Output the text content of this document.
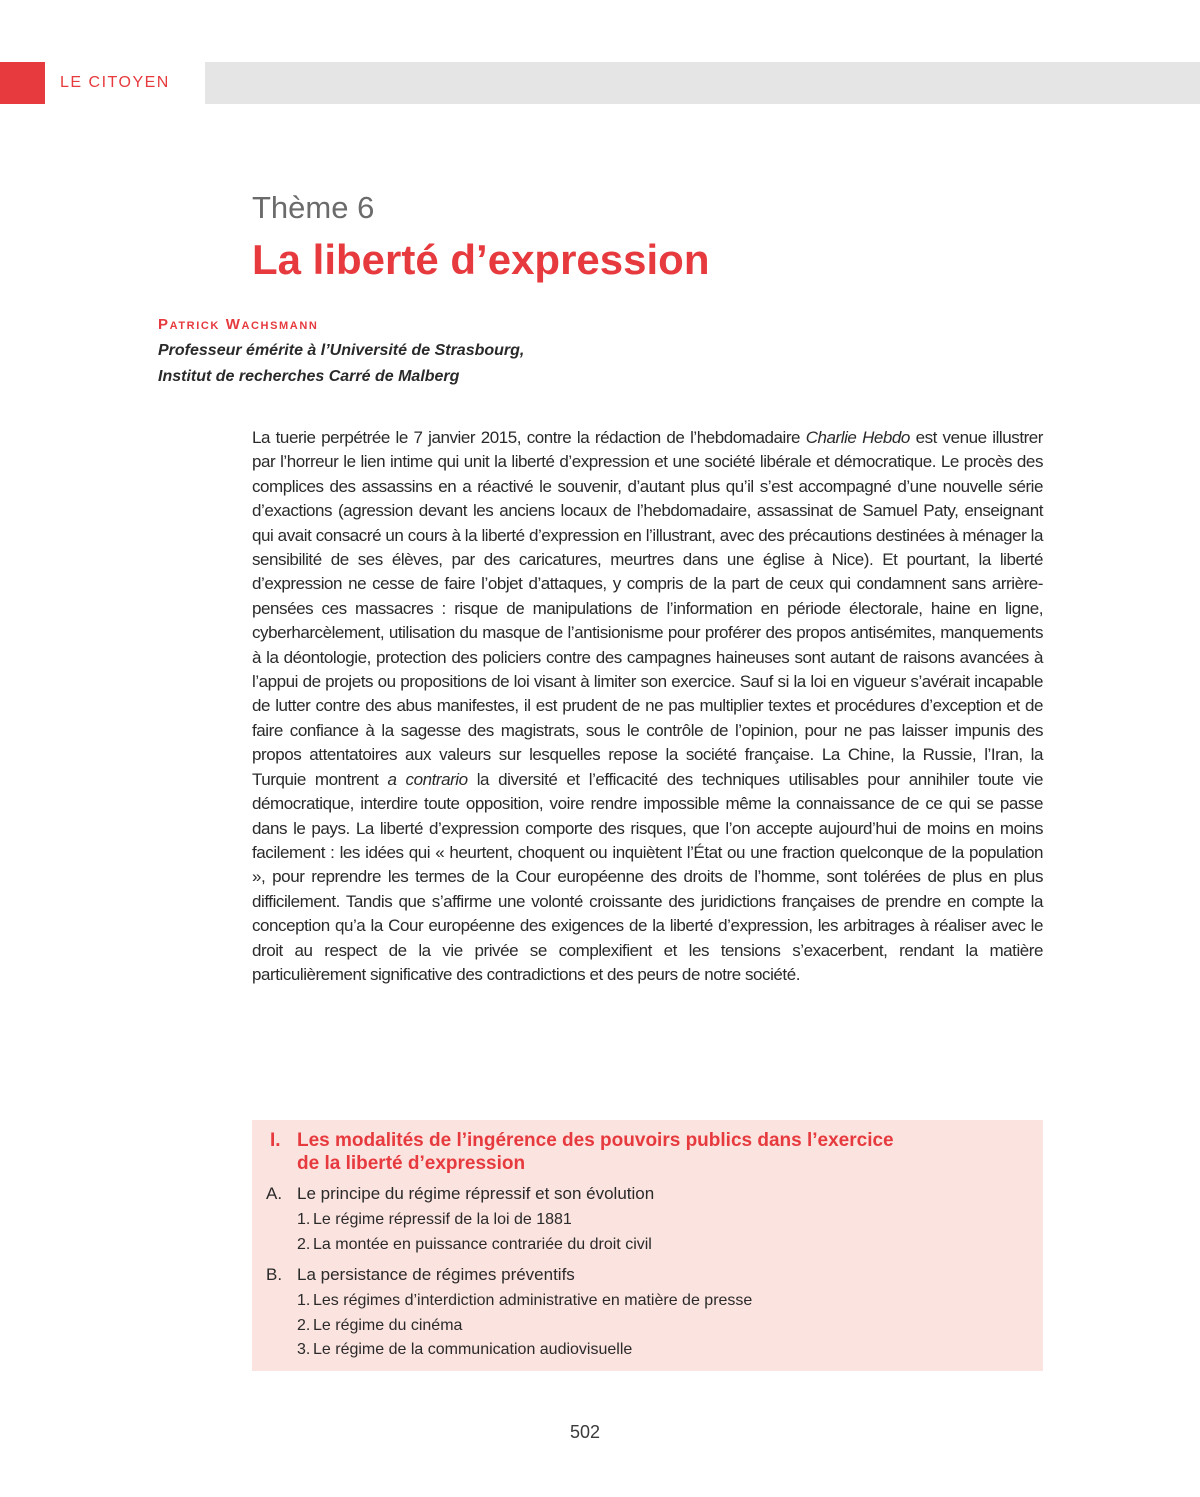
LE CITOYEN
Thème 6
La liberté d’expression
Patrick Wachsmann
Professeur émérite à l’Université de Strasbourg,
Institut de recherches Carré de Malberg

La tuerie perpétrée le 7 janvier 2015, contre la rédaction de l’hebdomadaire Charlie Hebdo est venue illustrer par l’horreur le lien intime qui unit la liberté d’expression et une société libérale et démocratique. Le procès des complices des assassins en a réactivé le souvenir, d’autant plus qu’il s’est accompagné d’une nouvelle série d’exactions (agression devant les anciens locaux de l’hebdomadaire, assassinat de Samuel Paty, enseignant qui avait consacré un cours à la liberté d’expression en l’illustrant, avec des précautions destinées à ménager la sensibilité de ses élèves, par des caricatures, meurtres dans une église à Nice). Et pourtant, la liberté d’expression ne cesse de faire l’objet d’attaques, y compris de la part de ceux qui condamnent sans arrière-pensées ces massacres : risque de manipulations de l’information en période électorale, haine en ligne, cyberharcèlement, utilisation du masque de l’antisionisme pour proférer des propos antisémites, manquements à la déontologie, protection des policiers contre des campagnes haineuses sont autant de raisons avancées à l’appui de projets ou propositions de loi visant à limiter son exercice. Sauf si la loi en vigueur s’avérait incapable de lutter contre des abus manifestes, il est prudent de ne pas multiplier textes et procédures d’exception et de faire confiance à la sagesse des magistrats, sous le contrôle de l’opinion, pour ne pas laisser impunis des propos attentatoires aux valeurs sur lesquelles repose la société française. La Chine, la Russie, l’Iran, la Turquie montrent a contrario la diversité et l’efficacité des techniques utilisables pour annihiler toute vie démocratique, interdire toute opposition, voire rendre impossible même la connaissance de ce qui se passe dans le pays. La liberté d’expression comporte des risques, que l’on accepte aujourd’hui de moins en moins facilement : les idées qui « heurtent, choquent ou inquiètent l’État ou une fraction quelconque de la population », pour reprendre les termes de la Cour européenne des droits de l’homme, sont tolérées de plus en plus difficilement. Tandis que s’affirme une volonté croissante des juridictions françaises de prendre en compte la conception qu’a la Cour européenne des exigences de la liberté d’expression, les arbitrages à réaliser avec le droit au respect de la vie privée se complexifient et les tensions s’exacerbent, rendant la matière particulièrement significative des contradictions et des peurs de notre société.

I. Les modalités de l’ingérence des pouvoirs publics dans l’exercice
de la liberté d’expression
A. Le principe du régime répressif et son évolution
1. Le régime répressif de la loi de 1881
2. La montée en puissance contrariée du droit civil
B. La persistance de régimes préventifs
1. Les régimes d’interdiction administrative en matière de presse
2. Le régime du cinéma
3. Le régime de la communication audiovisuelle
502
